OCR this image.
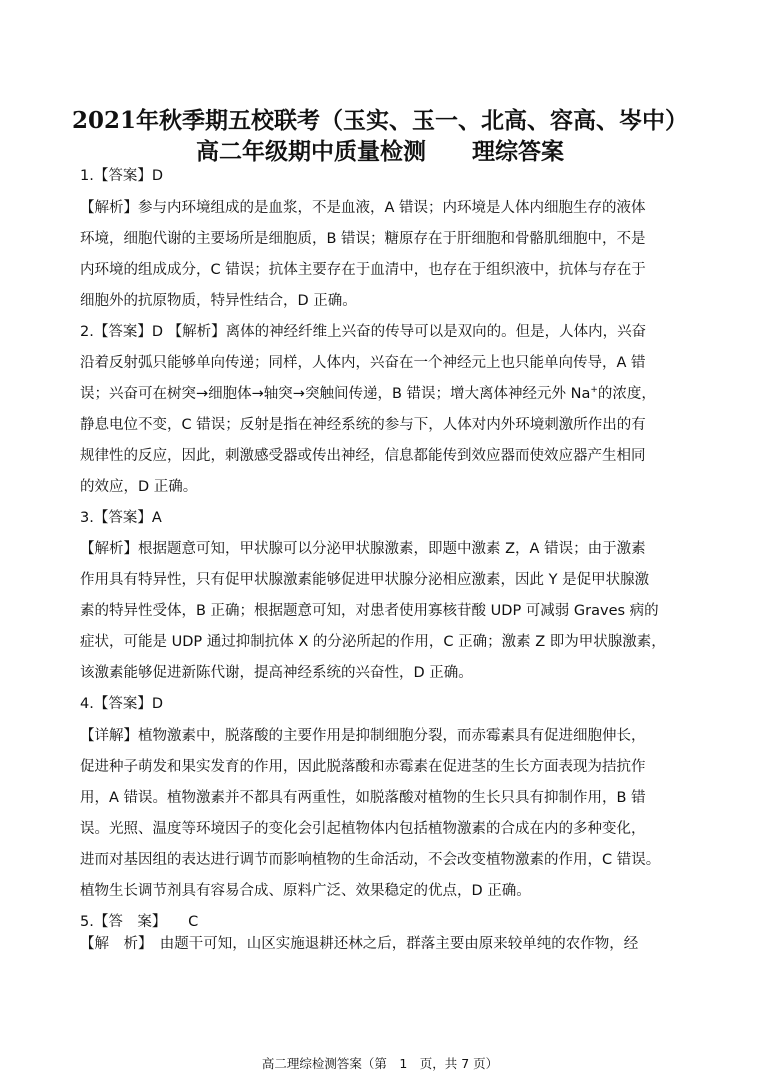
2021年秋季期五校联考（玉实、玉一、北高、容高、岑中）
高二年级期中质量检测　　理综答案
1.【答案】D
【解析】参与内环境组成的是血浆，不是血液，A 错误；内环境是人体内细胞生存的液体
环境，细胞代谢的主要场所是细胞质，B 错误；糖原存在于肝细胞和骨骼肌细胞中，不是
内环境的组成成分，C 错误；抗体主要存在于血清中，也存在于组织液中，抗体与存在于
细胞外的抗原物质，特异性结合，D 正确。
2.【答案】D 【解析】离体的神经纤维上兴奋的传导可以是双向的。但是，人体内，兴奋
沿着反射弧只能够单向传递；同样，人体内，兴奋在一个神经元上也只能单向传导，A 错
误；兴奋可在树突→细胞体→轴突→突触间传递，B 错误；增大离体神经元外 Na+的浓度，
静息电位不变，C 错误；反射是指在神经系统的参与下，人体对内外环境刺激所作出的有
规律性的反应，因此，刺激感受器或传出神经，信息都能传到效应器而使效应器产生相同
的效应，D 正确。
3.【答案】A
【解析】根据题意可知，甲状腺可以分泌甲状腺激素，即题中激素 Z，A 错误；由于激素
作用具有特异性，只有促甲状腺激素能够促进甲状腺分泌相应激素，因此 Y 是促甲状腺激
素的特异性受体，B 正确；根据题意可知，对患者使用寡核苷酸 UDP 可减弱 Graves 病的
症状，可能是 UDP 通过抑制抗体 X 的分泌所起的作用，C 正确；激素 Z 即为甲状腺激素，
该激素能够促进新陈代谢，提高神经系统的兴奋性，D 正确。
4.【答案】D
【详解】植物激素中，脱落酸的主要作用是抑制细胞分裂，而赤霉素具有促进细胞伸长，
促进种子萌发和果实发育的作用，因此脱落酸和赤霉素在促进茎的生长方面表现为拮抗作
用，A 错误。植物激素并不都具有两重性，如脱落酸对植物的生长只具有抑制作用，B 错
误。光照、温度等环境因子的变化会引起植物体内包括植物激素的合成在内的多种变化，
进而对基因组的表达进行调节而影响植物的生命活动，不会改变植物激素的作用，C 错误。
植物生长调节剂具有容易合成、原料广泛、效果稳定的优点，D 正确。
5.【答　案】　　C
【解　析】　由题干可知，山区实施退耕还林之后，群落主要由原来较单纯的农作物，经
高二理综检测答案（第　1　页，共 7 页）
